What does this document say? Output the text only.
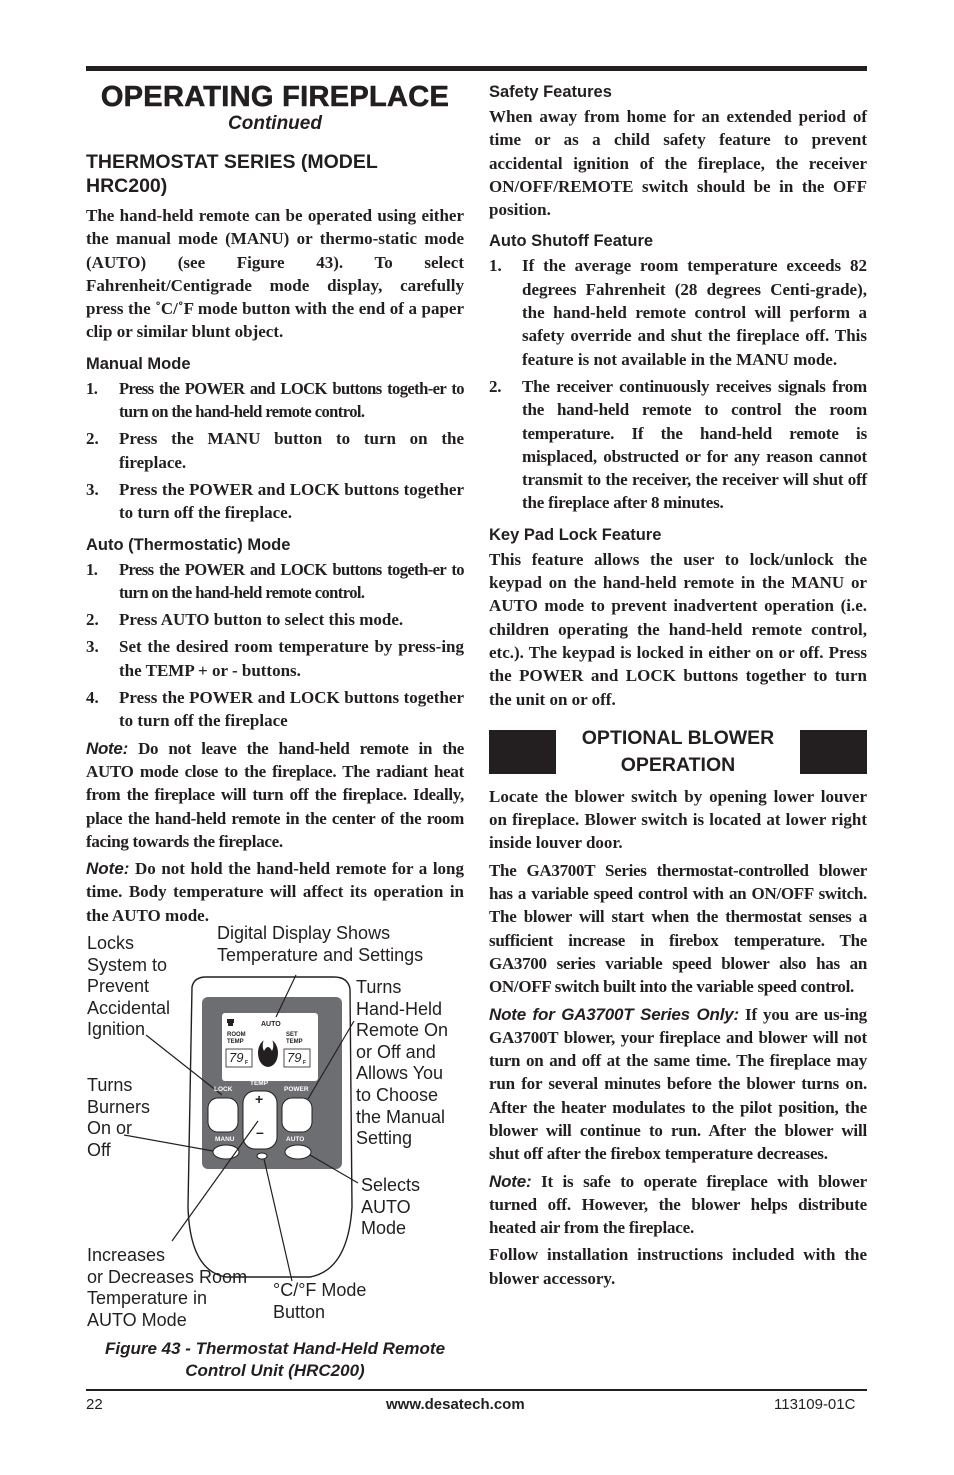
OPERATING FIREPLACE
Continued
THERMOSTAT SERIES (MODEL HRC200)

The hand-held remote can be operated using either the manual mode (MANU) or thermo-static mode (AUTO) (see Figure 43). To select Fahrenheit/Centigrade mode display, carefully press the ˚C/˚F mode button with the end of a paper clip or similar blunt object.

Manual Mode
1. Press the POWER and LOCK buttons togeth-er to turn on the hand-held remote control.
2. Press the MANU button to turn on the fireplace.
3. Press the POWER and LOCK buttons together to turn off the fireplace.
Auto (Thermostatic) Mode
1. Press the POWER and LOCK buttons togeth-er to turn on the hand-held remote control.
2. Press AUTO button to select this mode.
3. Set the desired room temperature by press-ing the TEMP + or - buttons.
4. Press the POWER and LOCK buttons together to turn off the fireplace

Note: Do not leave the hand-held remote in the AUTO mode close to the fireplace. The radiant heat from the fireplace will turn off the fireplace. Ideally, place the hand-held remote in the center of the room facing towards the fireplace.

Note: Do not hold the hand-held remote for a long time. Body temperature will affect its operation in the AUTO mode.

AUTO
ROOM
TEMP
SET
TEMP
79 F	79 F
LOCK
TEMP
POWER
+
–
MANU	AUTO
°C/°F
Locks
System to
Prevent
Accidental
Ignition
Digital Display Shows
Temperature and Settings
Turns
Hand-Held
Remote On
or Off and
Allows You
to Choose
the Manual
Setting
Turns
Burners
On or
Off
Selects
AUTO
Mode
Increases
or Decreases Room
Temperature in
AUTO Mode
°C/°F Mode
Button
Figure 43 - Thermostat Hand-Held Remote Control Unit (HRC200)
Safety Features

When away from home for an extended period of time or as a child safety feature to prevent accidental ignition of the fireplace, the receiver ON/OFF/REMOTE switch should be in the OFF position.

Auto Shutoff Feature
1. If the average room temperature exceeds 82 degrees Fahrenheit (28 degrees Centi-grade), the hand-held remote control will perform a safety override and shut the fireplace off. This feature is not available in the MANU mode.
2. The receiver continuously receives signals from the hand-held remote to control the room temperature. If the hand-held remote is misplaced, obstructed or for any reason cannot transmit to the receiver, the receiver will shut off the fireplace after 8 minutes.
Key Pad Lock Feature

This feature allows the user to lock/unlock the keypad on the hand-held remote in the MANU or AUTO mode to prevent inadvertent operation (i.e. children operating the hand-held remote control, etc.). The keypad is locked in either on or off. Press the POWER and LOCK buttons together to turn the unit on or off.

OPTIONAL BLOWER OPERATION

Locate the blower switch by opening lower louver on fireplace. Blower switch is located at lower right inside louver door.

The GA3700T Series thermostat-controlled blower has a variable speed control with an ON/OFF switch. The blower will start when the thermostat senses a sufficient increase in firebox temperature. The GA3700 series variable speed blower also has an ON/OFF switch built into the variable speed control.

Note for GA3700T Series Only: If you are us-ing GA3700T blower, your fireplace and blower will not turn on and off at the same time. The fireplace may run for several minutes before the blower turns on. After the heater modulates to the pilot position, the blower will continue to run. After the blower will shut off after the firebox temperature decreases.

Note: It is safe to operate fireplace with blower turned off. However, the blower helps distribute heated air from the fireplace.

Follow installation instructions included with the blower accessory.

22	www.desatech.com	113109-01C
